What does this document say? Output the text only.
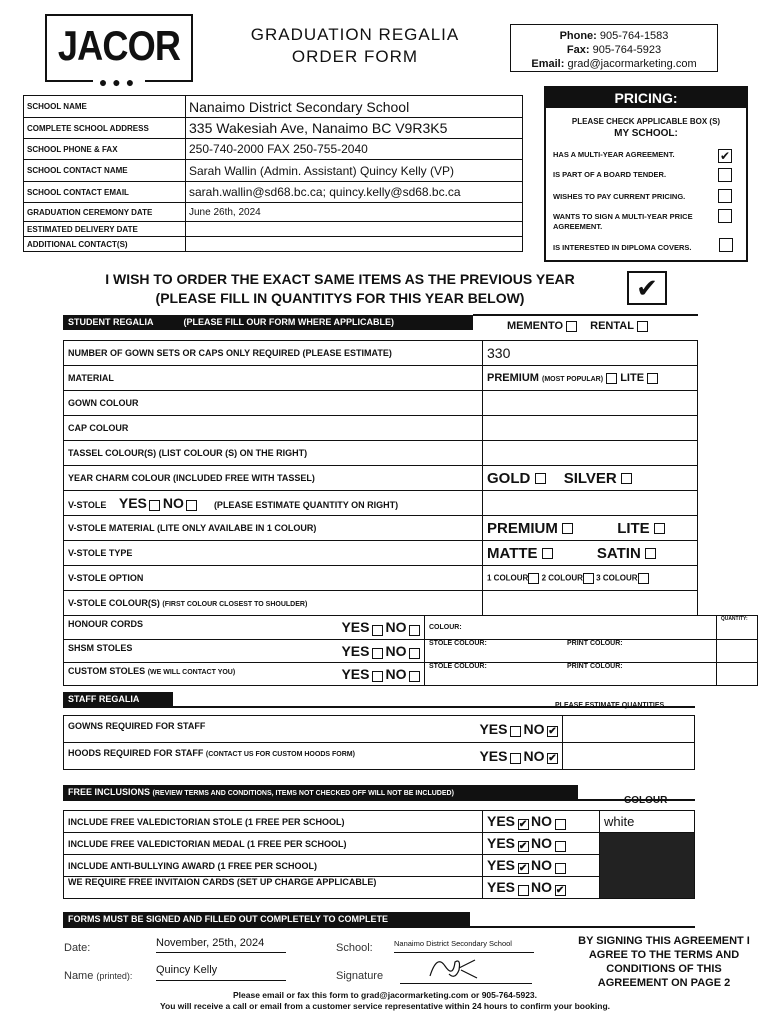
JACOR
●●●
GRADUATION REGALIA
ORDER FORM
Phone: 905-764-1583
Fax: 905-764-5923
Email: grad@jacormarketing.com
SCHOOL NAME	Nanaimo District Secondary School
COMPLETE SCHOOL ADDRESS	335 Wakesiah Ave, Nanaimo BC V9R3K5
SCHOOL PHONE & FAX	250-740-2000 FAX 250-755-2040
SCHOOL CONTACT NAME	Sarah Wallin (Admin. Assistant) Quincy Kelly (VP)
SCHOOL CONTACT EMAIL	sarah.wallin@sd68.bc.ca; quincy.kelly@sd68.bc.ca
GRADUATION CEREMONY DATE	June 26th, 2024
ESTIMATED DELIVERY DATE	
ADDITIONAL CONTACT(S)	
PRICING:
PLEASE CHECK APPLICABLE BOX (S)
MY SCHOOL:
HAS A MULTI-YEAR AGREEMENT.	✔
IS PART OF A BOARD TENDER.
WISHES TO PAY CURRENT PRICING.
WANTS TO SIGN A MULTI-YEAR PRICE AGREEMENT.
IS INTERESTED IN DIPLOMA COVERS.
I WISH TO ORDER THE EXACT SAME ITEMS AS THE PREVIOUS YEAR
(PLEASE FILL IN QUANTITYS FOR THIS YEAR BELOW)	✔
STUDENT REGALIA	(PLEASE FILL OUR FORM WHERE APPLICABLE)	MEMENTO RENTAL
NUMBER OF GOWN SETS OR CAPS ONLY REQUIRED (PLEASE ESTIMATE)	330
MATERIAL	PREMIUM (MOST POPULAR) LITE
GOWN COLOUR	
CAP COLOUR	
TASSEL COLOUR(S) (LIST COLOUR (S) ON THE RIGHT)	
YEAR CHARM COLOUR (INCLUDED FREE WITH TASSEL)	GOLD SILVER
V-STOLE YES NO (PLEASE ESTIMATE QUANTITY ON RIGHT)	
V-STOLE MATERIAL (LITE ONLY AVAILABE IN 1 COLOUR)	PREMIUM LITE
V-STOLE TYPE	MATTE SATIN
V-STOLE OPTION	1 COLOUR 2 COLOUR 3 COLOUR
V-STOLE COLOUR(S) (FIRST COLOUR CLOSEST TO SHOULDER)	
HONOUR CORDS YES NO	COLOUR:		QUANTITY:
SHSM STOLES YES NO	STOLE COLOUR:	PRINT COLOUR:	
CUSTOM STOLES (WE WILL CONTACT YOU) YES NO	STOLE COLOUR:	PRINT COLOUR:	
STAFF REGALIA
PLEASE ESTIMATE QUANTITIES
GOWNS REQUIRED FOR STAFF YES NO ✔	

HOODS REQUIRED FOR STAFF (CONTACT US FOR CUSTOM HOODS FORM) YES NO ✔	

FREE INCLUSIONS (REVIEW TERMS AND CONDITIONS, ITEMS NOT CHECKED OFF WILL NOT BE INCLUDED)
COLOUR
INCLUDE FREE VALEDICTORIAN STOLE (1 FREE PER SCHOOL)	YES ✔ NO	white
INCLUDE FREE VALEDICTORIAN MEDAL (1 FREE PER SCHOOL)	YES ✔ NO	
INCLUDE ANTI-BULLYING AWARD (1 FREE PER SCHOOL)	YES ✔ NO	
WE REQUIRE FREE INVITAION CARDS (SET UP CHARGE APPLICABLE)	YES NO ✔	
FORMS MUST BE SIGNED AND FILLED OUT COMPLETELY TO COMPLETE
Date:	November, 25th, 2024	School:	Nanaimo District Secondary School
Name (printed): Quincy Kelly	Signature
BY SIGNING THIS AGREEMENT I AGREE TO THE TERMS AND CONDITIONS OF THIS AGREEMENT ON PAGE 2
Please email or fax this form to grad@jacormarketing.com or 905-764-5923.
You will receive a call or email from a customer service representative within 24 hours to confirm your booking.
